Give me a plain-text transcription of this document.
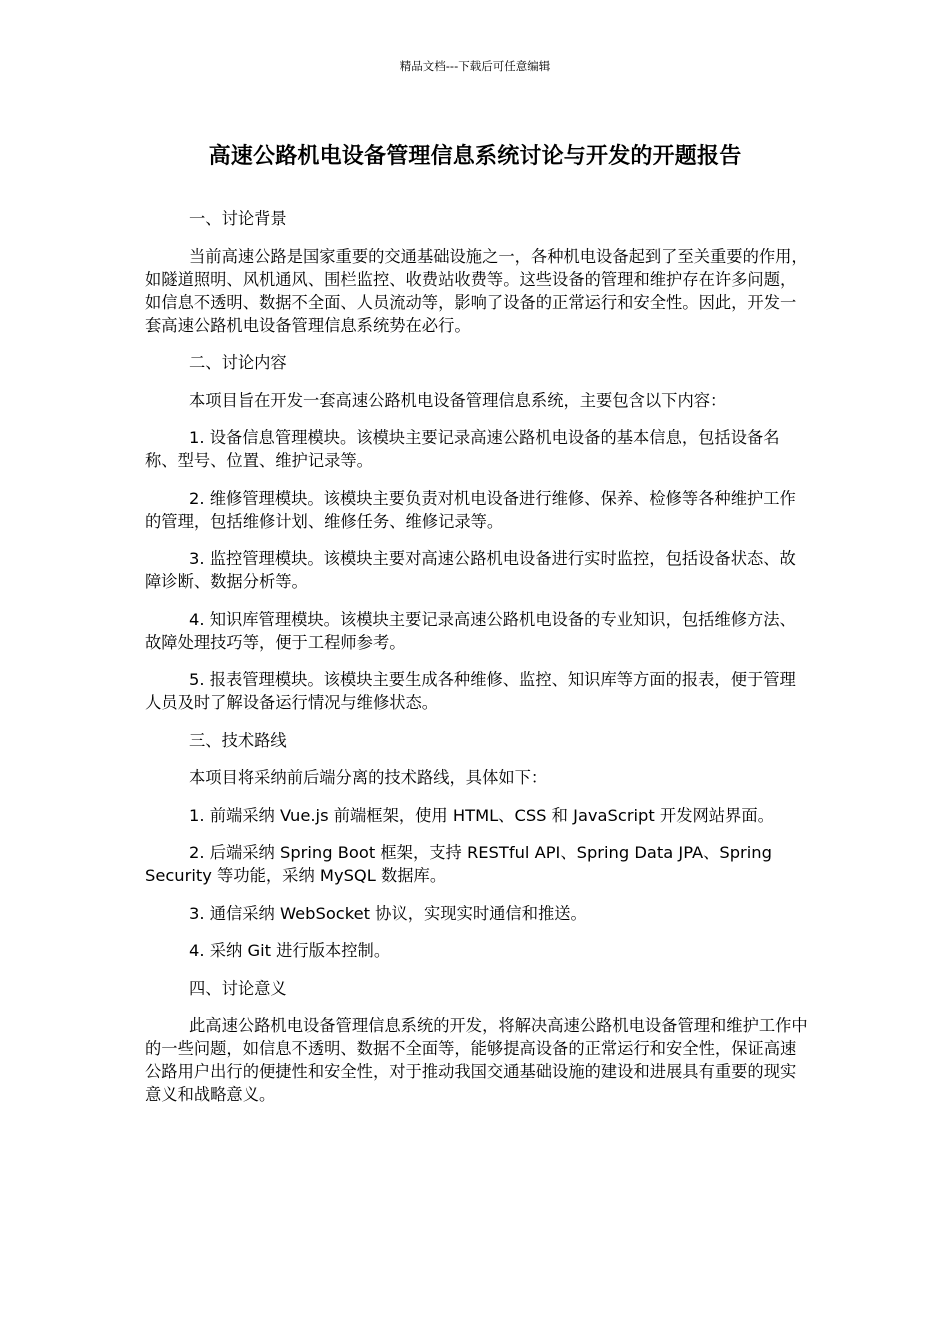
精品文档---下载后可任意编辑
高速公路机电设备管理信息系统讨论与开发的开题报告

一、讨论背景

当前高速公路是国家重要的交通基础设施之一，各种机电设备起到了至关重要的作用，如隧道照明、风机通风、围栏监控、收费站收费等。这些设备的管理和维护存在许多问题，如信息不透明、数据不全面、人员流动等，影响了设备的正常运行和安全性。因此，开发一套高速公路机电设备管理信息系统势在必行。

二、讨论内容

本项目旨在开发一套高速公路机电设备管理信息系统，主要包含以下内容：

1. 设备信息管理模块。该模块主要记录高速公路机电设备的基本信息，包括设备名称、型号、位置、维护记录等。

2. 维修管理模块。该模块主要负责对机电设备进行维修、保养、检修等各种维护工作的管理，包括维修计划、维修任务、维修记录等。

3. 监控管理模块。该模块主要对高速公路机电设备进行实时监控，包括设备状态、故障诊断、数据分析等。

4. 知识库管理模块。该模块主要记录高速公路机电设备的专业知识，包括维修方法、故障处理技巧等，便于工程师参考。

5. 报表管理模块。该模块主要生成各种维修、监控、知识库等方面的报表，便于管理人员及时了解设备运行情况与维修状态。

三、技术路线

本项目将采纳前后端分离的技术路线，具体如下：

1. 前端采纳 Vue.js 前端框架，使用 HTML、CSS 和 JavaScript 开发网站界面。

2. 后端采纳 Spring Boot 框架，支持 RESTful API、Spring Data JPA、Spring Security 等功能，采纳 MySQL 数据库。

3. 通信采纳 WebSocket 协议，实现实时通信和推送。

4. 采纳 Git 进行版本控制。

四、讨论意义

此高速公路机电设备管理信息系统的开发，将解决高速公路机电设备管理和维护工作中的一些问题，如信息不透明、数据不全面等，能够提高设备的正常运行和安全性，保证高速公路用户出行的便捷性和安全性，对于推动我国交通基础设施的建设和进展具有重要的现实意义和战略意义。
